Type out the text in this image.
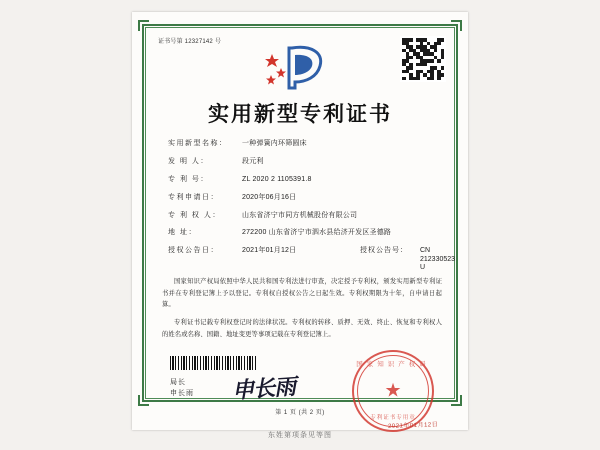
证书号第 12327142 号
实用新型专利证书
实用新型名称：	一种弹簧内环筛圆床
发 明 人：	段元利
专 利 号：	ZL 2020 2 1105391.8
专利申请日：	2020年06月16日
专 利 权 人：	山东省济宁市同方机械股份有限公司
地 址：	272200 山东省济宁市泗水县给济开发区圣德路
授权公告日：	2021年01月12日	授权公告号：	CN 212330523 U

国家知识产权局依照中华人民共和国专利法进行审查，决定授予专利权，颁发实用新型专利证书并在专利登记簿上予以登记。专利权自授权公告之日起生效。专利权期限为十年，自申请日起算。

专利证书记载专利权登记时的法律状况。专利权的转移、质押、无效、终止、恢复和专利权人的姓名或名称、国籍、地址变更等事项记载在专利登记簿上。

局长
申长雨 申长雨
国家知识产权局
★
专利证书专用章
2021年01月12日
第 1 页 (共 2 页)
东姓第项条见等图
